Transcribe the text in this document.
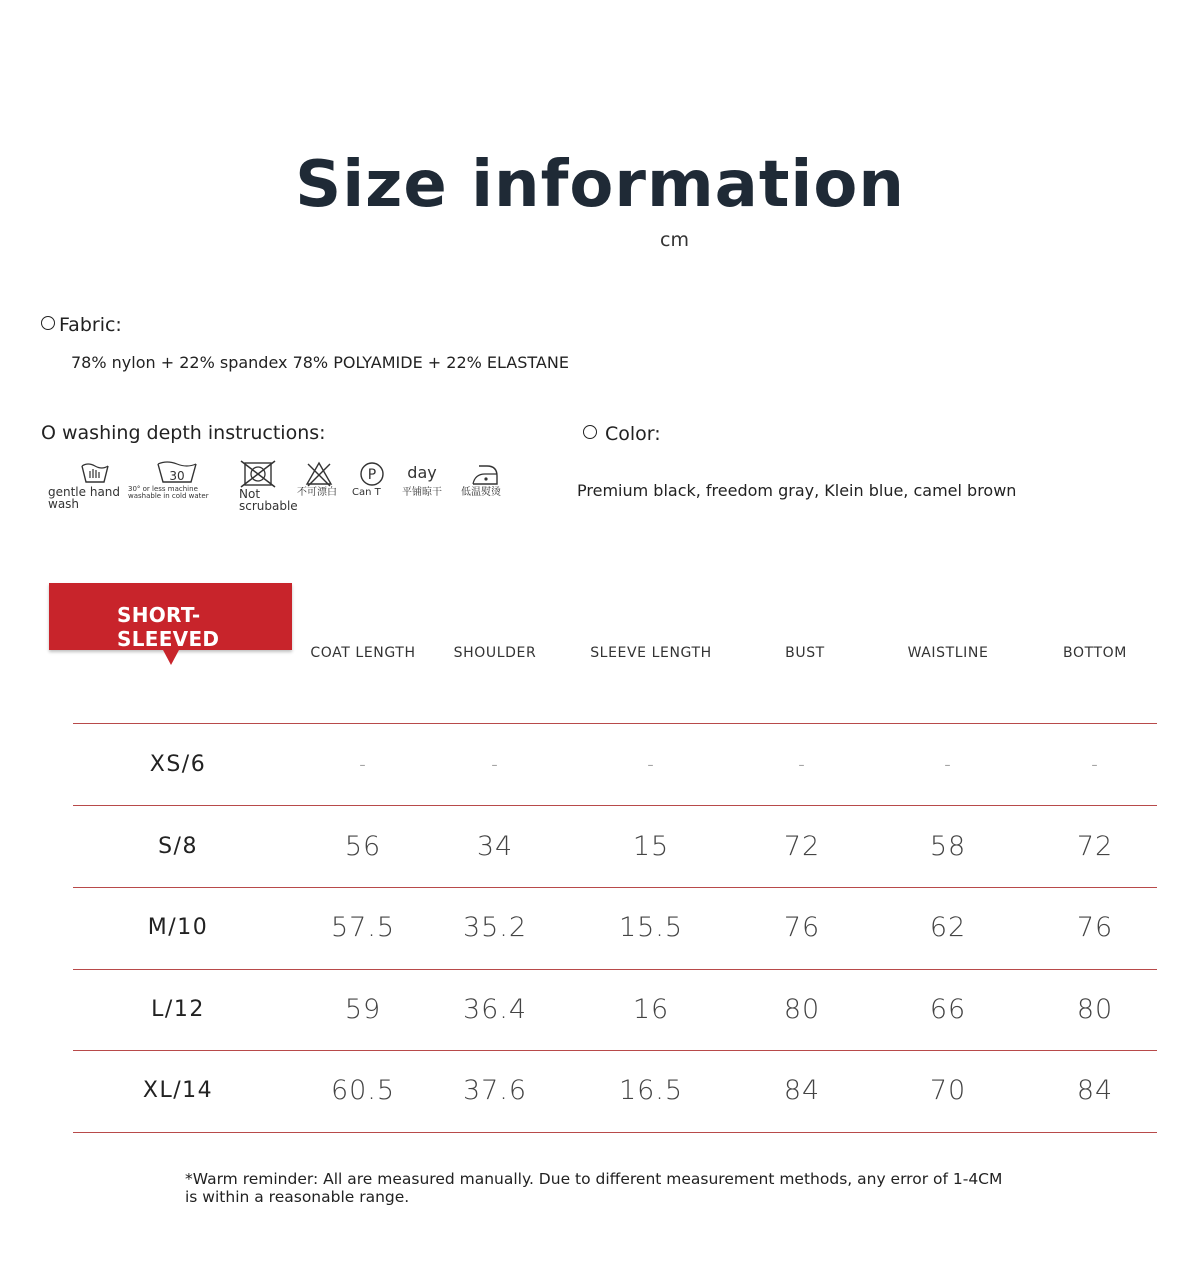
Size information
cm
Fabric:
78% nylon + 22% spandex 78% POLYAMIDE + 22% ELASTANE
O washing depth instructions:	Color:
Premium black, freedom gray, Klein blue, camel brown
gentle hand wash
30
30° or less machine washable in cold water	Not scrubable
不可漂白
P
Can T
day
平铺晾干	低温熨烫
SHORT-SLEEVED
COAT LENGTH	SHOULDER	SLEEVE LENGTH	BUST	WAISTLINE	BOTTOM
XS/6	-	-	-	-	-	-
S/8	56	34	15	72	58	72
M/10	57.5	35.2	15.5	76	62	76
L/12	59	36.4	16	80	66	80
XL/14	60.5	37.6	16.5	84	70	84
*Warm reminder: All are measured manually. Due to different measurement methods, any error of 1-4CM
is within a reasonable range.
